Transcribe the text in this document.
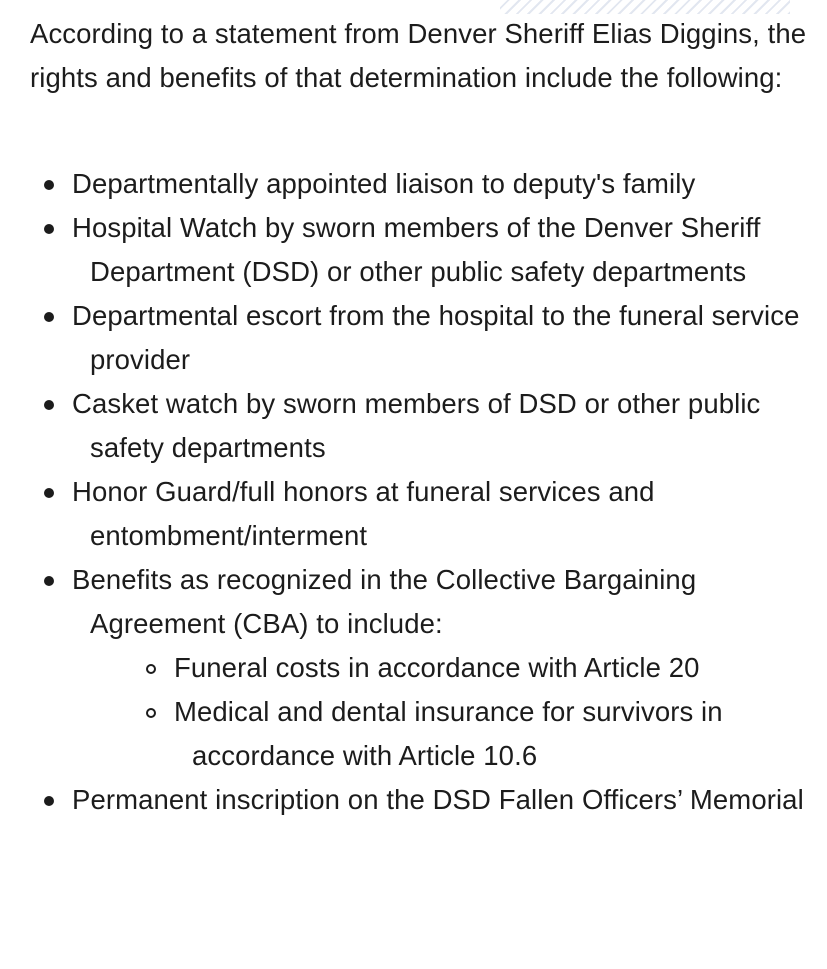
According to a statement from Denver Sheriff Elias Diggins, the rights and benefits of that determination include the following:

Departmentally appointed liaison to deputy's family
Hospital Watch by sworn members of the Denver Sheriff Department (DSD) or other public safety departments
Departmental escort from the hospital to the funeral service provider
Casket watch by sworn members of DSD or other public safety departments
Honor Guard/full honors at funeral services and entombment/interment
Benefits as recognized in the Collective Bargaining Agreement (CBA) to include:
Funeral costs in accordance with Article 20
Medical and dental insurance for survivors in accordance with Article 10.6
Permanent inscription on the DSD Fallen Officers’ Memorial
